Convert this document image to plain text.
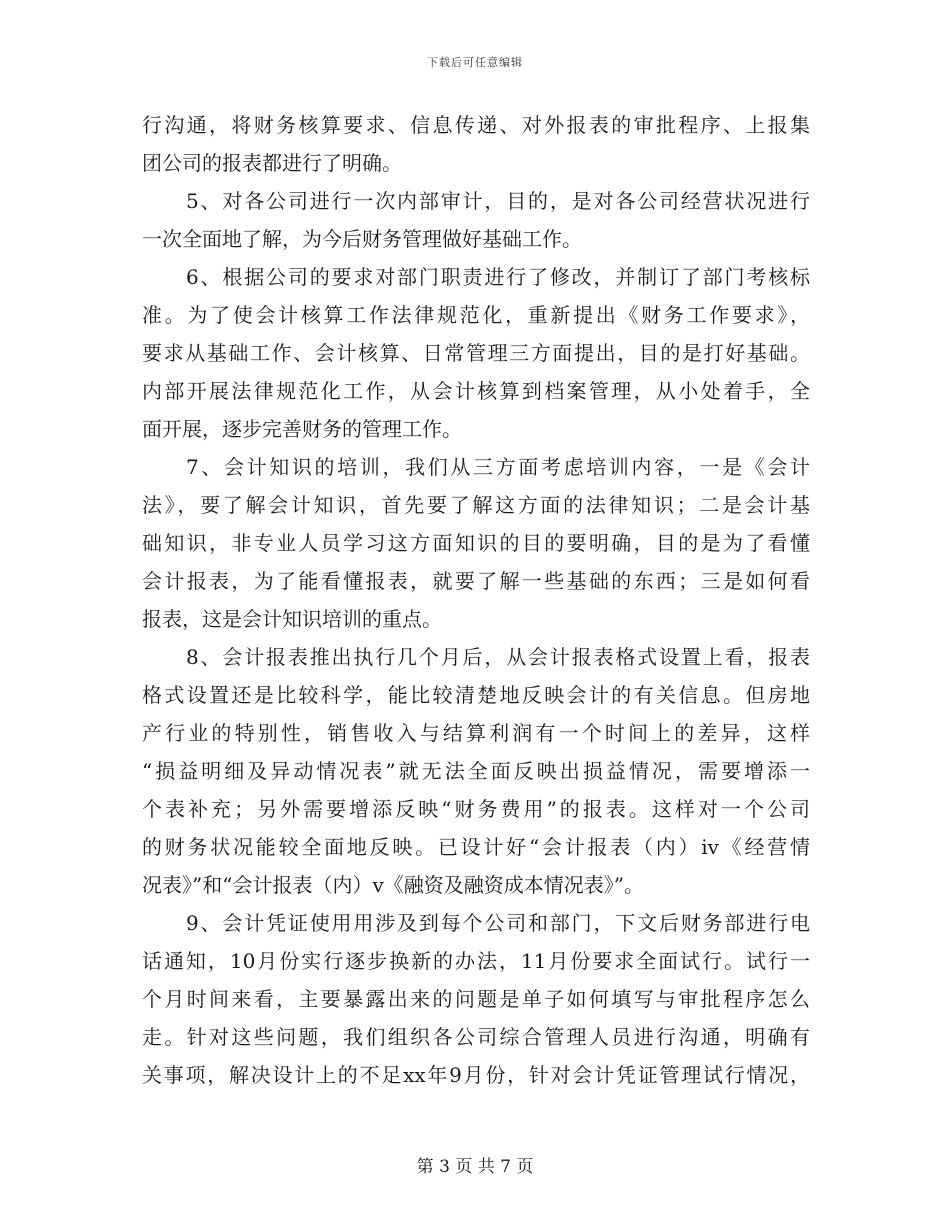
下载后可任意编辑
行沟通，将财务核算要求、信息传递、对外报表的审批程序、上报集
团公司的报表都进行了明确。
5、对各公司进行一次内部审计，目的，是对各公司经营状况进行
一次全面地了解，为今后财务管理做好基础工作。
6、根据公司的要求对部门职责进行了修改，并制订了部门考核标
准。为了使会计核算工作法律规范化，重新提出《财务工作要求》，
要求从基础工作、会计核算、日常管理三方面提出，目的是打好基础。
内部开展法律规范化工作，从会计核算到档案管理，从小处着手，全
面开展，逐步完善财务的管理工作。
7、会计知识的培训，我们从三方面考虑培训内容，一是《会计
法》，要了解会计知识，首先要了解这方面的法律知识；二是会计基
础知识，非专业人员学习这方面知识的目的要明确，目的是为了看懂
会计报表，为了能看懂报表，就要了解一些基础的东西；三是如何看
报表，这是会计知识培训的重点。
8、会计报表推出执行几个月后，从会计报表格式设置上看，报表
格式设置还是比较科学，能比较清楚地反映会计的有关信息。但房地
产行业的特别性，销售收入与结算利润有一个时间上的差异，这样
“损益明细及异动情况表”就无法全面反映出损益情况，需要增添一
个表补充；另外需要增添反映“财务费用”的报表。这样对一个公司
的财务状况能较全面地反映。已设计好“会计报表（内）iv《经营情
况表》”和“会计报表（内）v《融资及融资成本情况表》”。
9、会计凭证使用用涉及到每个公司和部门，下文后财务部进行电
话通知，10月份实行逐步换新的办法，11月份要求全面试行。试行一
个月时间来看，主要暴露出来的问题是单子如何填写与审批程序怎么
走。针对这些问题，我们组织各公司综合管理人员进行沟通，明确有
关事项，解决设计上的不足xx年9月份，针对会计凭证管理试行情况，
第 3 页 共 7 页
